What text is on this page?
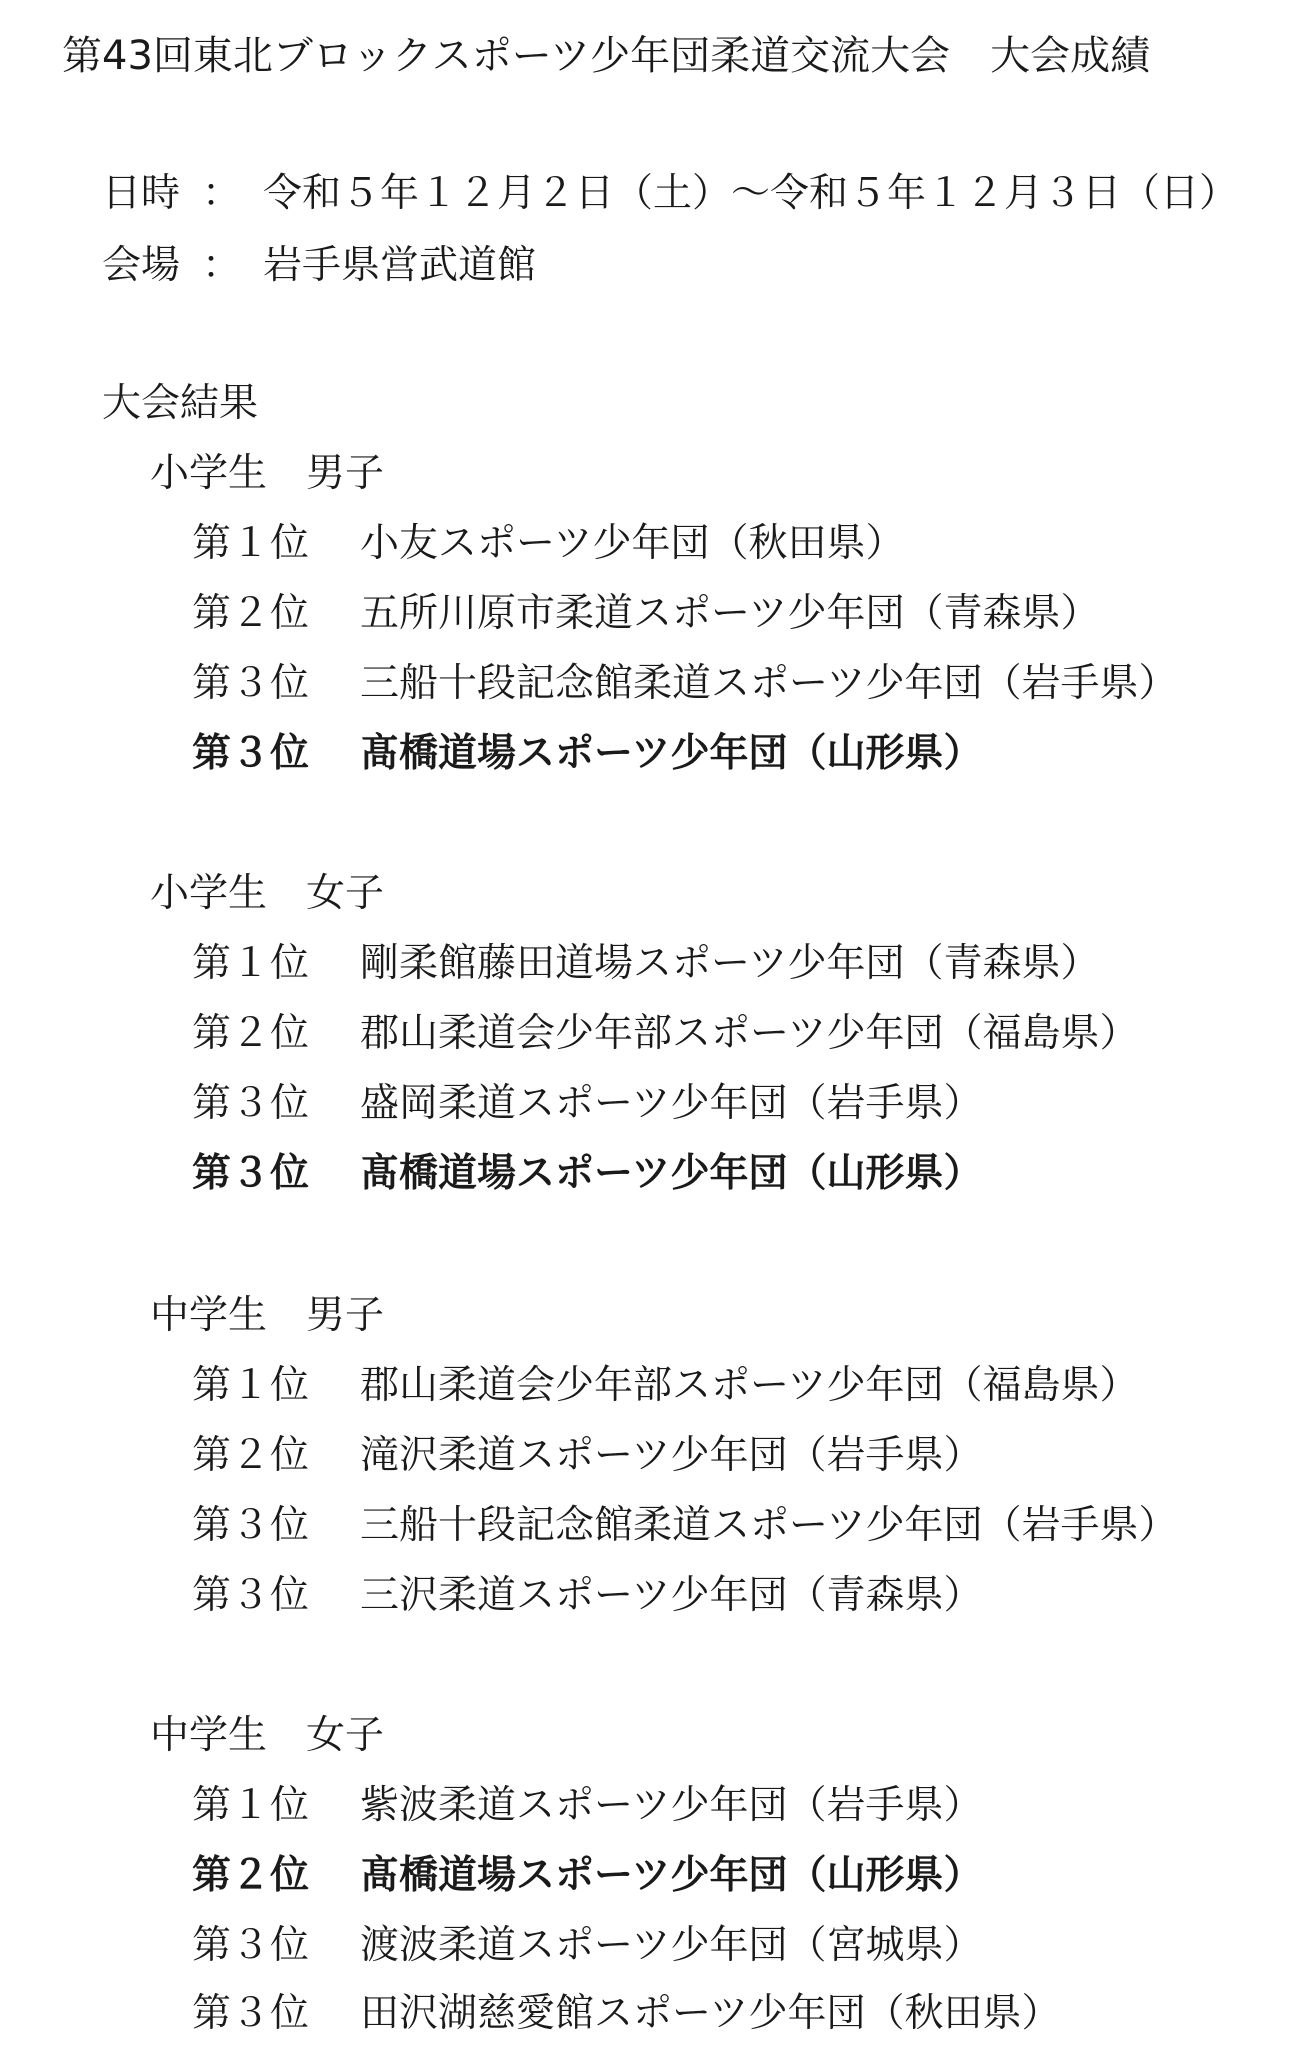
第43回東北ブロックスポーツ少年団柔道交流大会　大会成績
日時 ： 令和５年１２月２日（土）～令和５年１２月３日（日）
会場 ： 岩手県営武道館
大会結果
小学生　男子
第１位 小友スポーツ少年団（秋田県）
第２位 五所川原市柔道スポーツ少年団（青森県）
第３位 三船十段記念館柔道スポーツ少年団（岩手県）
第３位 髙橋道場スポーツ少年団（山形県）
小学生　女子
第１位 剛柔館藤田道場スポーツ少年団（青森県）
第２位 郡山柔道会少年部スポーツ少年団（福島県）
第３位 盛岡柔道スポーツ少年団（岩手県）
第３位 髙橋道場スポーツ少年団（山形県）
中学生　男子
第１位 郡山柔道会少年部スポーツ少年団（福島県）
第２位 滝沢柔道スポーツ少年団（岩手県）
第３位 三船十段記念館柔道スポーツ少年団（岩手県）
第３位 三沢柔道スポーツ少年団（青森県）
中学生　女子
第１位 紫波柔道スポーツ少年団（岩手県）
第２位 髙橋道場スポーツ少年団（山形県）
第３位 渡波柔道スポーツ少年団（宮城県）
第３位 田沢湖慈愛館スポーツ少年団（秋田県）
